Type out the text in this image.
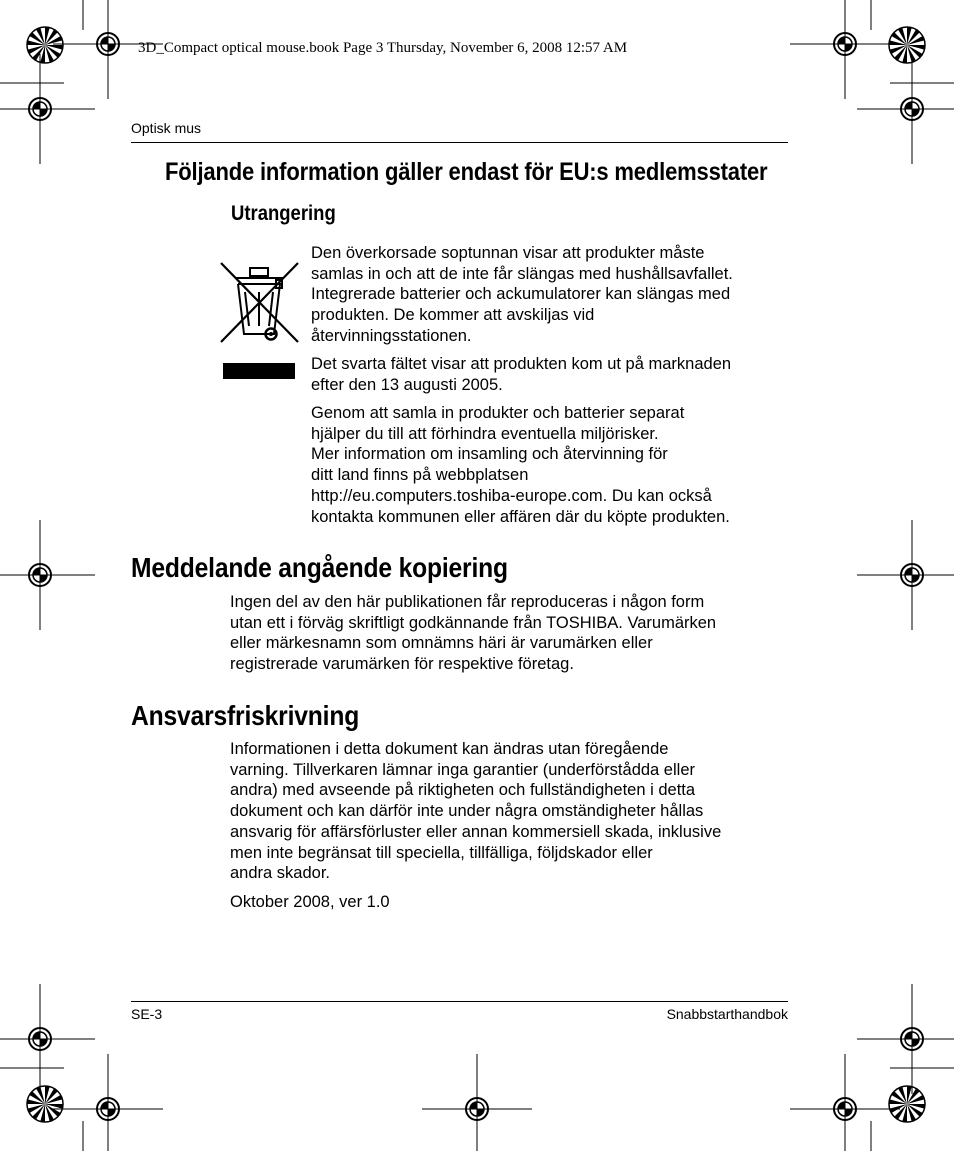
3D_Compact optical mouse.book Page 3 Thursday, November 6, 2008 12:57 AM
Optisk mus
Följande information gäller endast för EU:s medlemsstater
Utrangering
Den överkorsade soptunnan visar att produkter måste
samlas in och att de inte får slängas med hushållsavfallet.
Integrerade batterier och ackumulatorer kan slängas med
produkten. De kommer att avskiljas vid
återvinningsstationen.
Det svarta fältet visar att produkten kom ut på marknaden
efter den 13 augusti 2005.
Genom att samla in produkter och batterier separat
hjälper du till att förhindra eventuella miljörisker.
Mer information om insamling och återvinning för
ditt land finns på webbplatsen
http://eu.computers.toshiba-europe.com. Du kan också
kontakta kommunen eller affären där du köpte produkten.
Meddelande angående kopiering
Ingen del av den här publikationen får reproduceras i någon form
utan ett i förväg skriftligt godkännande från TOSHIBA. Varumärken
eller märkesnamn som omnämns häri är varumärken eller
registrerade varumärken för respektive företag.
Ansvarsfriskrivning
Informationen i detta dokument kan ändras utan föregående
varning. Tillverkaren lämnar inga garantier (underförstådda eller
andra) med avseende på riktigheten och fullständigheten i detta
dokument och kan därför inte under några omständigheter hållas
ansvarig för affärsförluster eller annan kommersiell skada, inklusive
men inte begränsat till speciella, tillfälliga, följdskador eller
andra skador.
Oktober 2008, ver 1.0
SE-3	Snabbstarthandbok
